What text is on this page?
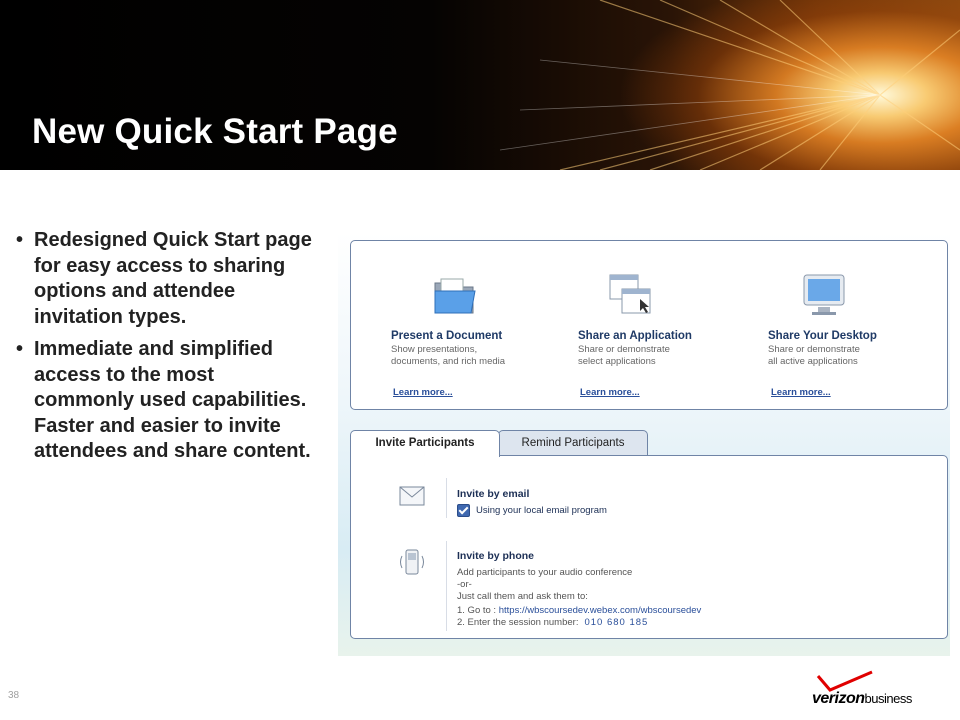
New Quick Start Page
• Redesigned Quick Start page for easy access to sharing options and attendee invitation types.
• Immediate and simplified access to the most commonly used capabilities. Faster and easier to invite attendees and share content.
Present a Document
Show presentations,
documents, and rich media
Share an Application
Share or demonstrate
select applications
Share Your Desktop
Share or demonstrate
all active applications
Learn more...	Learn more...	Learn more...
Invite Participants	Remind Participants
Invite by email
Using your local email program
Invite by phone
Add participants to your audio conference
-or-
Just call them and ask them to:
1. Go to : https://wbscoursedev.webex.com/wbscoursedev
2. Enter the session number: 010 680 185
38	verizonbusiness
